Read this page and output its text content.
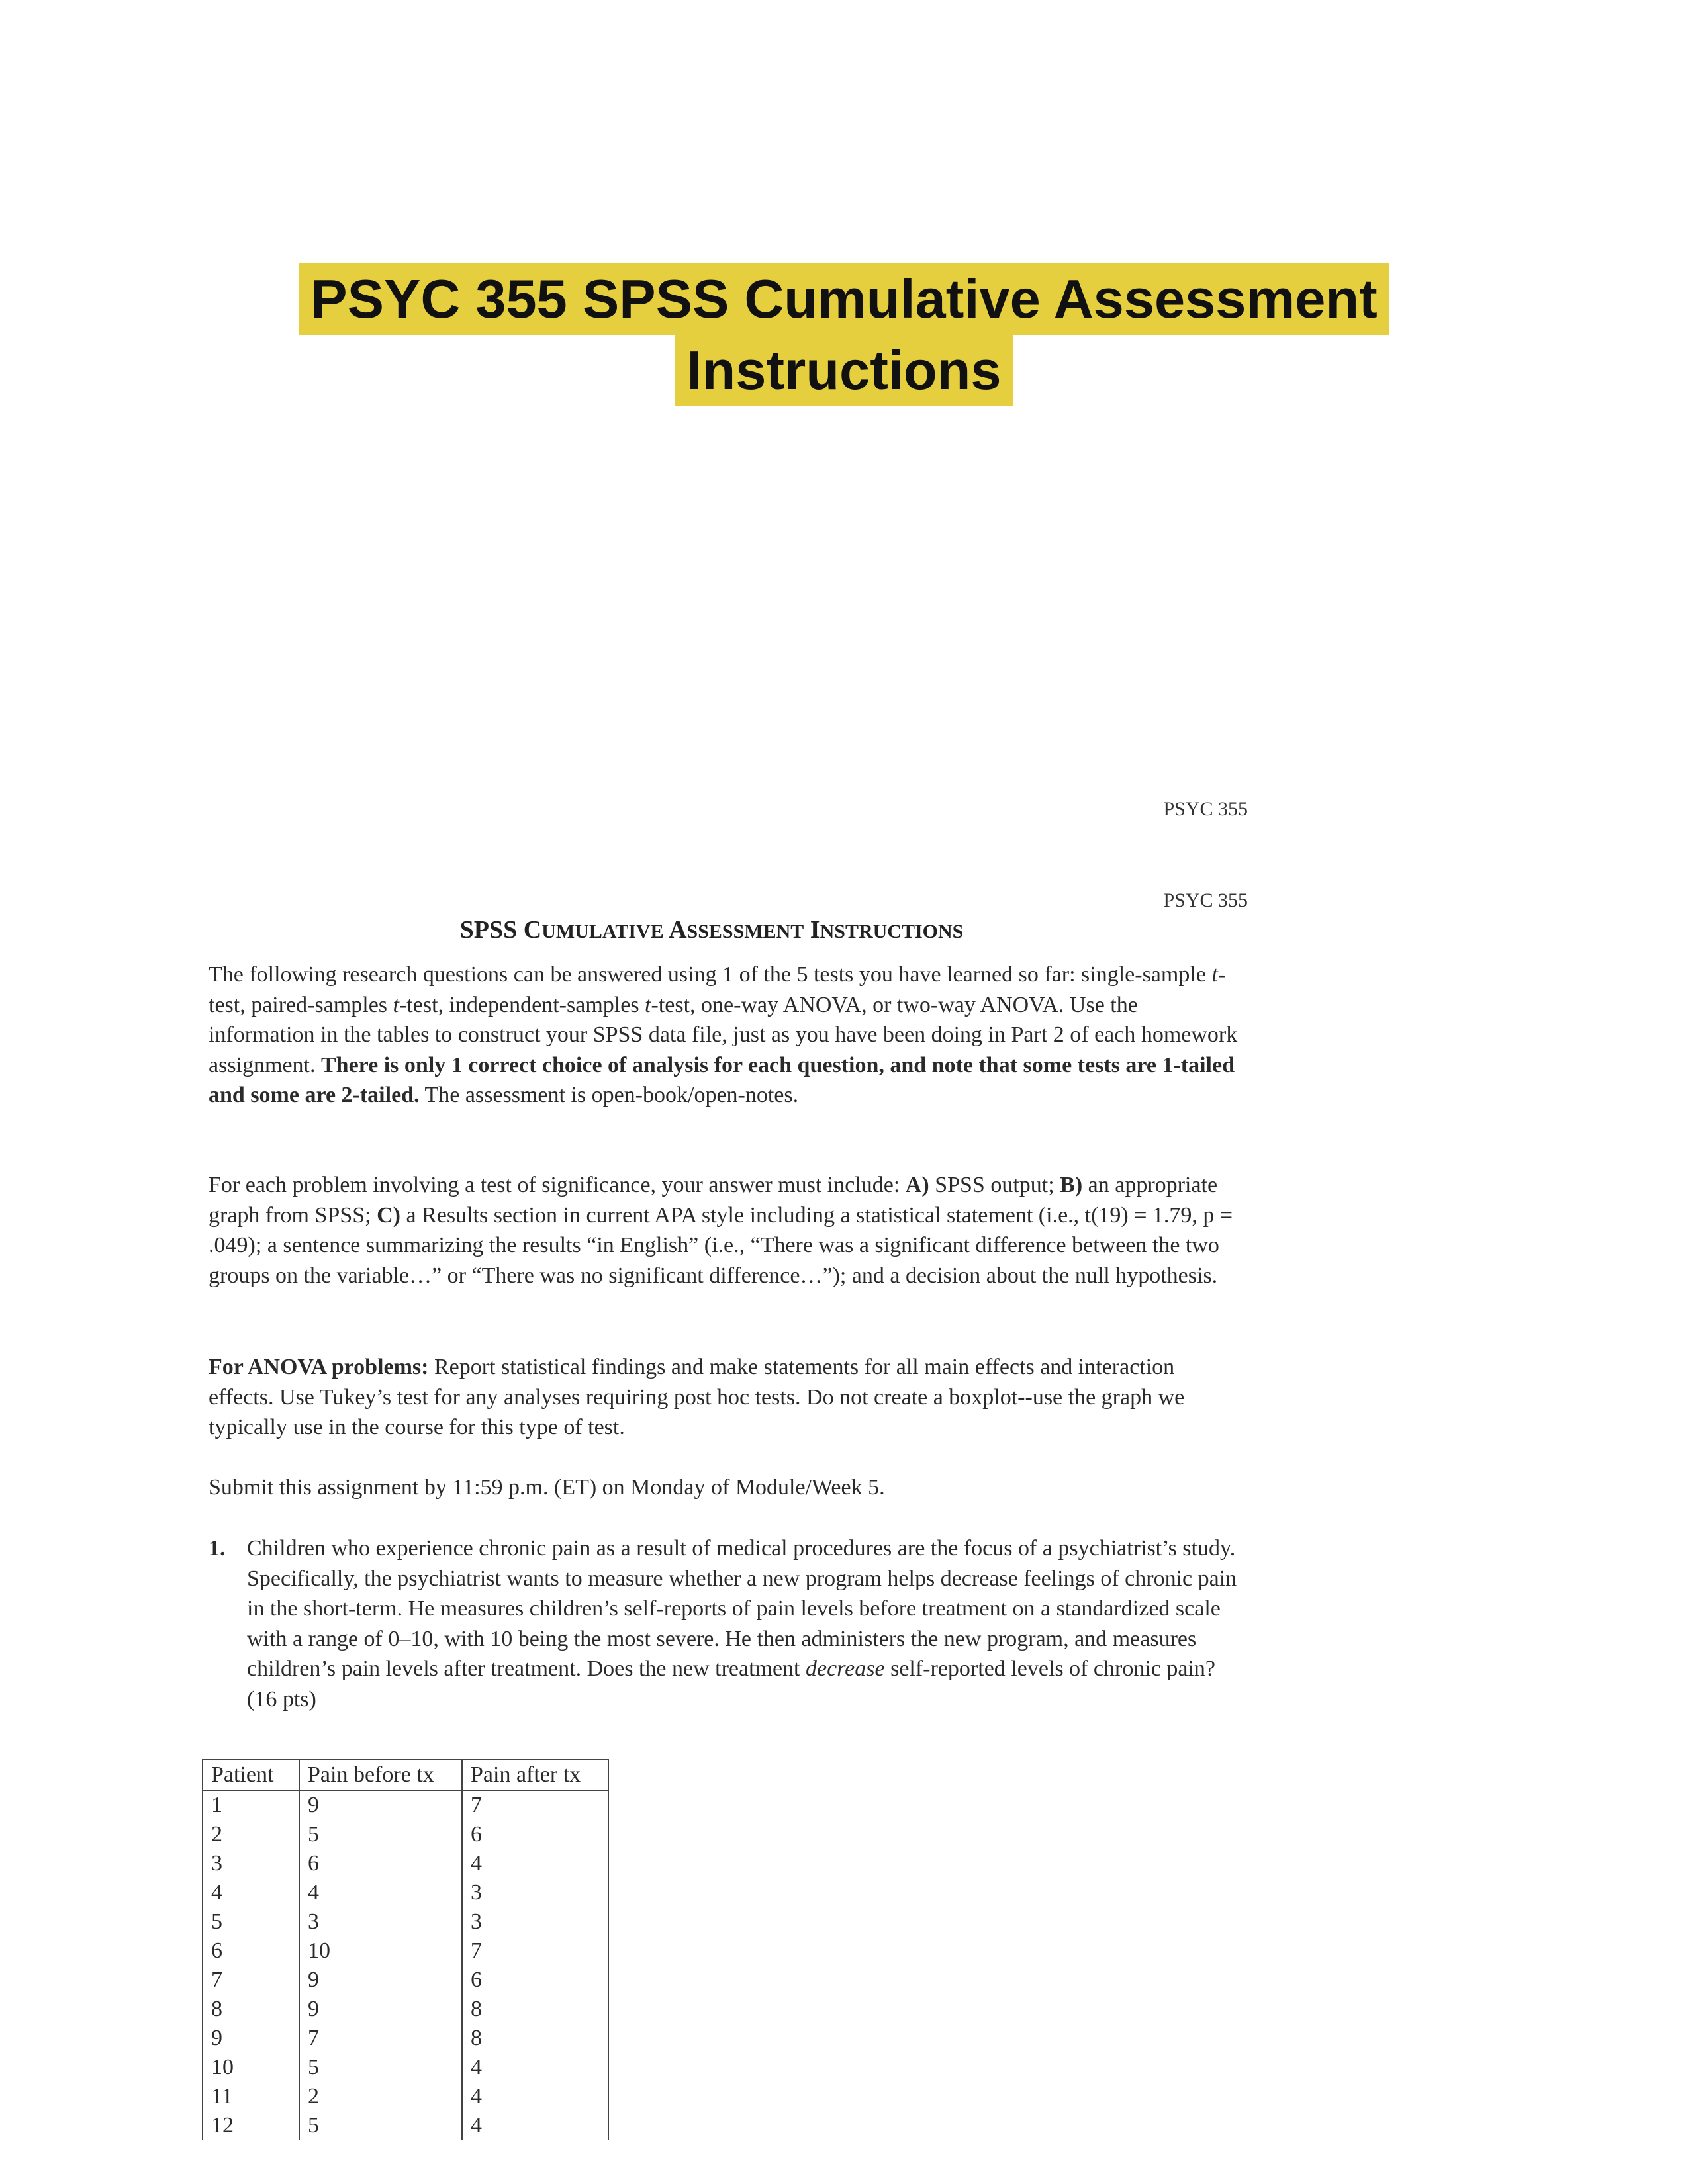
PSYC 355 SPSS Cumulative Assessment
Instructions
PSYC 355
PSYC 355
SPSS CUMULATIVE ASSESSMENT INSTRUCTIONS

The following research questions can be answered using 1 of the 5 tests you have learned so far: single-sample t-test, paired-samples t-test, independent-samples t-test, one-way ANOVA, or two-way ANOVA. Use the information in the tables to construct your SPSS data file, just as you have been doing in Part 2 of each homework assignment. There is only 1 correct choice of analysis for each question, and note that some tests are 1-tailed and some are 2-tailed. The assessment is open-book/open-notes.

For each problem involving a test of significance, your answer must include: A) SPSS output; B) an appropriate graph from SPSS; C) a Results section in current APA style including a statistical statement (i.e., t(19) = 1.79, p = .049); a sentence summarizing the results “in English” (i.e., “There was a significant difference between the two groups on the variable…” or “There was no significant difference…”); and a decision about the null hypothesis.

For ANOVA problems: Report statistical findings and make statements for all main effects and interaction effects. Use Tukey’s test for any analyses requiring post hoc tests. Do not create a boxplot--use the graph we typically use in the course for this type of test.

Submit this assignment by 11:59 p.m. (ET) on Monday of Module/Week 5.

1. Children who experience chronic pain as a result of medical procedures are the focus of a psychiatrist’s study. Specifically, the psychiatrist wants to measure whether a new program helps decrease feelings of chronic pain in the short-term. He measures children’s self-reports of pain levels before treatment on a standardized scale with a range of 0–10, with 10 being the most severe. He then administers the new program, and measures children’s pain levels after treatment. Does the new treatment decrease self-reported levels of chronic pain? (16 pts)
Patient	Pain before tx	Pain after tx
1	9	7
2	5	6
3	6	4
4	4	3
5	3	3
6	10	7
7	9	6
8	9	8
9	7	8
10	5	4
11	2	4
12	5	4
